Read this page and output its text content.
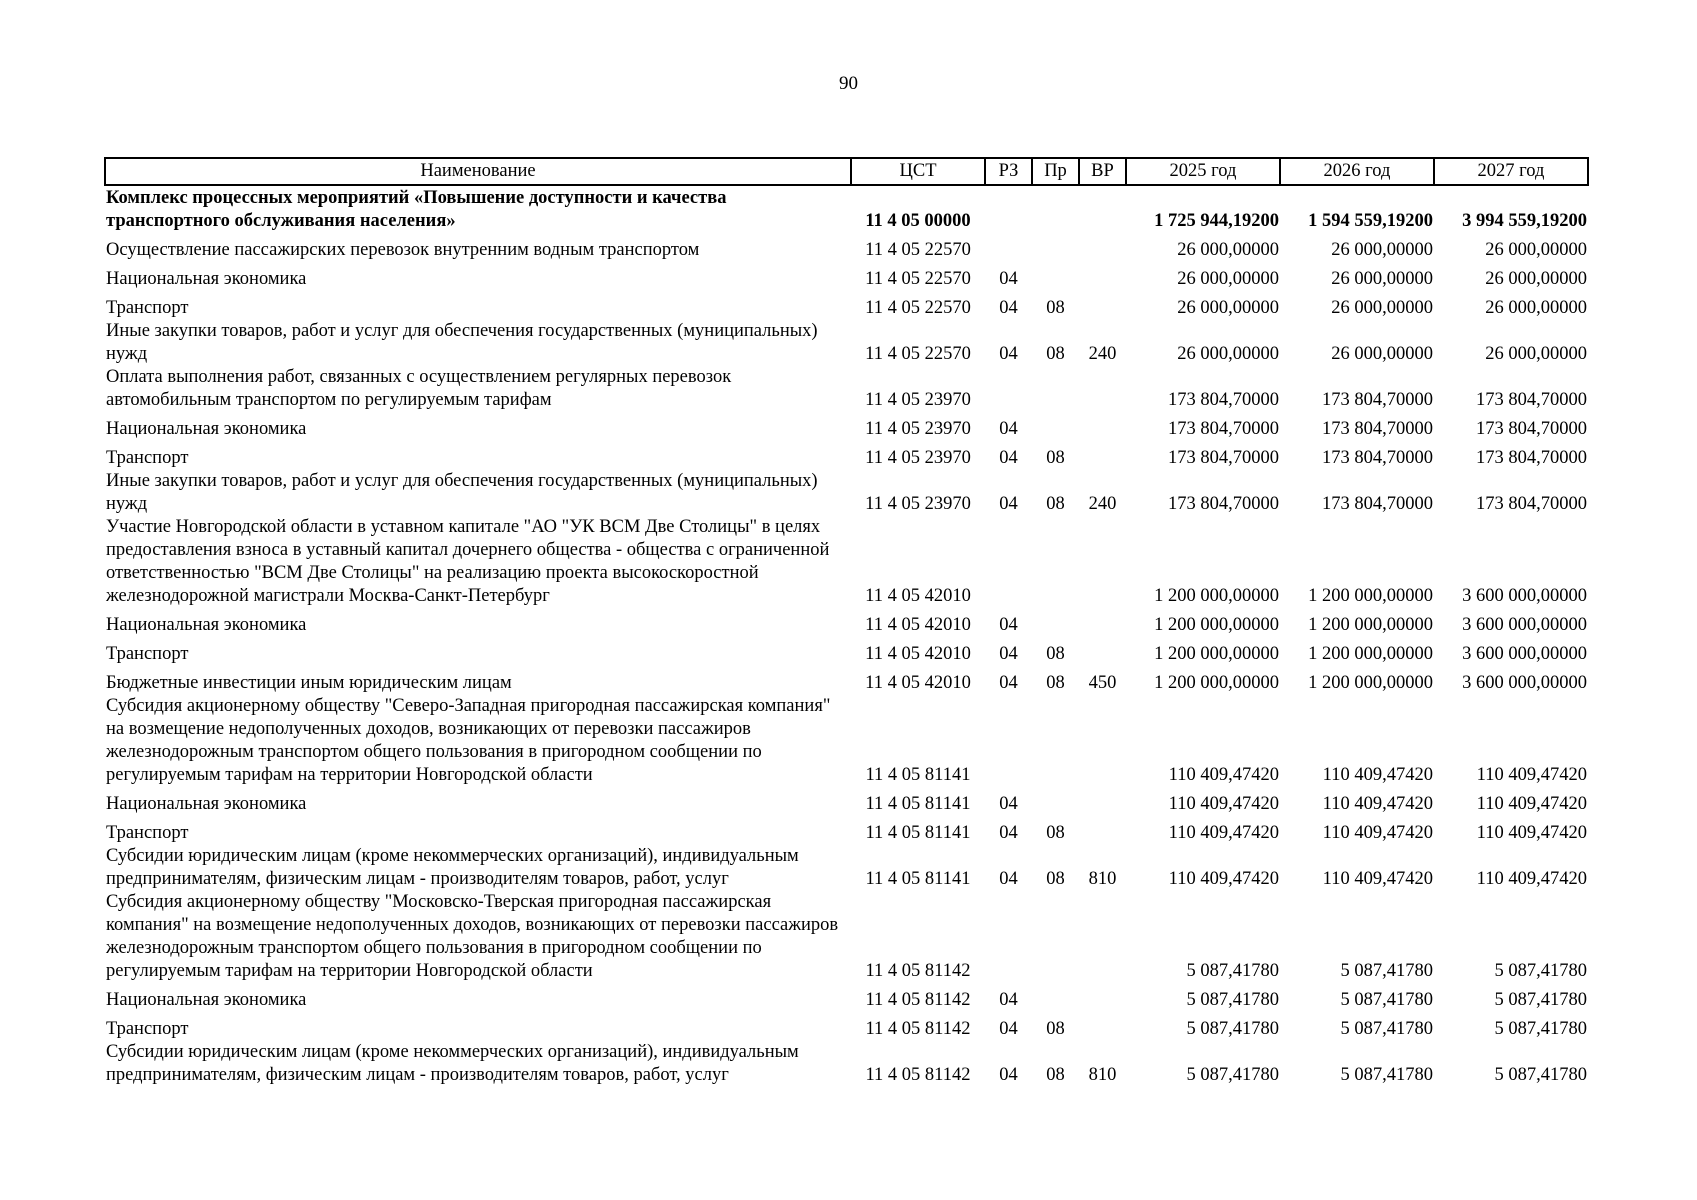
90
Наименование	ЦСТ	РЗ	Пр	ВР	2025 год	2026 год	2027 год
Комплекс процессных мероприятий «Повышение доступности и качества транспортного обслуживания населения»	11 4 05 00000				1 725 944,19200	1 594 559,19200	3 994 559,19200
Осуществление пассажирских перевозок внутренним водным транспортом	11 4 05 22570				26 000,00000	26 000,00000	26 000,00000
Национальная экономика	11 4 05 22570	04			26 000,00000	26 000,00000	26 000,00000
Транспорт	11 4 05 22570	04	08		26 000,00000	26 000,00000	26 000,00000
Иные закупки товаров, работ и услуг для обеспечения государственных (муниципальных) нужд	11 4 05 22570	04	08	240	26 000,00000	26 000,00000	26 000,00000
Оплата выполнения работ, связанных с осуществлением регулярных перевозок автомобильным транспортом по регулируемым тарифам	11 4 05 23970				173 804,70000	173 804,70000	173 804,70000
Национальная экономика	11 4 05 23970	04			173 804,70000	173 804,70000	173 804,70000
Транспорт	11 4 05 23970	04	08		173 804,70000	173 804,70000	173 804,70000
Иные закупки товаров, работ и услуг для обеспечения государственных (муниципальных) нужд	11 4 05 23970	04	08	240	173 804,70000	173 804,70000	173 804,70000
Участие Новгородской области в уставном капитале "АО "УК ВСМ Две Столицы" в целях предоставления взноса в уставный капитал дочернего общества - общества с ограниченной ответственностью "ВСМ Две Столицы" на реализацию проекта высокоскоростной железнодорожной магистрали Москва-Санкт-Петербург	11 4 05 42010				1 200 000,00000	1 200 000,00000	3 600 000,00000
Национальная экономика	11 4 05 42010	04			1 200 000,00000	1 200 000,00000	3 600 000,00000
Транспорт	11 4 05 42010	04	08		1 200 000,00000	1 200 000,00000	3 600 000,00000
Бюджетные инвестиции иным юридическим лицам	11 4 05 42010	04	08	450	1 200 000,00000	1 200 000,00000	3 600 000,00000
Субсидия акционерному обществу "Северо-Западная пригородная пассажирская компания" на возмещение недополученных доходов, возникающих от перевозки пассажиров железнодорожным транспортом общего пользования в пригородном сообщении по регулируемым тарифам на территории Новгородской области	11 4 05 81141				110 409,47420	110 409,47420	110 409,47420
Национальная экономика	11 4 05 81141	04			110 409,47420	110 409,47420	110 409,47420
Транспорт	11 4 05 81141	04	08		110 409,47420	110 409,47420	110 409,47420
Субсидии юридическим лицам (кроме некоммерческих организаций), индивидуальным предпринимателям, физическим лицам - производителям товаров, работ, услуг	11 4 05 81141	04	08	810	110 409,47420	110 409,47420	110 409,47420
Субсидия акционерному обществу "Московско-Тверская пригородная пассажирская компания" на возмещение недополученных доходов, возникающих от перевозки пассажиров железнодорожным транспортом общего пользования в пригородном сообщении по регулируемым тарифам на территории Новгородской области	11 4 05 81142				5 087,41780	5 087,41780	5 087,41780
Национальная экономика	11 4 05 81142	04			5 087,41780	5 087,41780	5 087,41780
Транспорт	11 4 05 81142	04	08		5 087,41780	5 087,41780	5 087,41780
Субсидии юридическим лицам (кроме некоммерческих организаций), индивидуальным предпринимателям, физическим лицам - производителям товаров, работ, услуг	11 4 05 81142	04	08	810	5 087,41780	5 087,41780	5 087,41780
